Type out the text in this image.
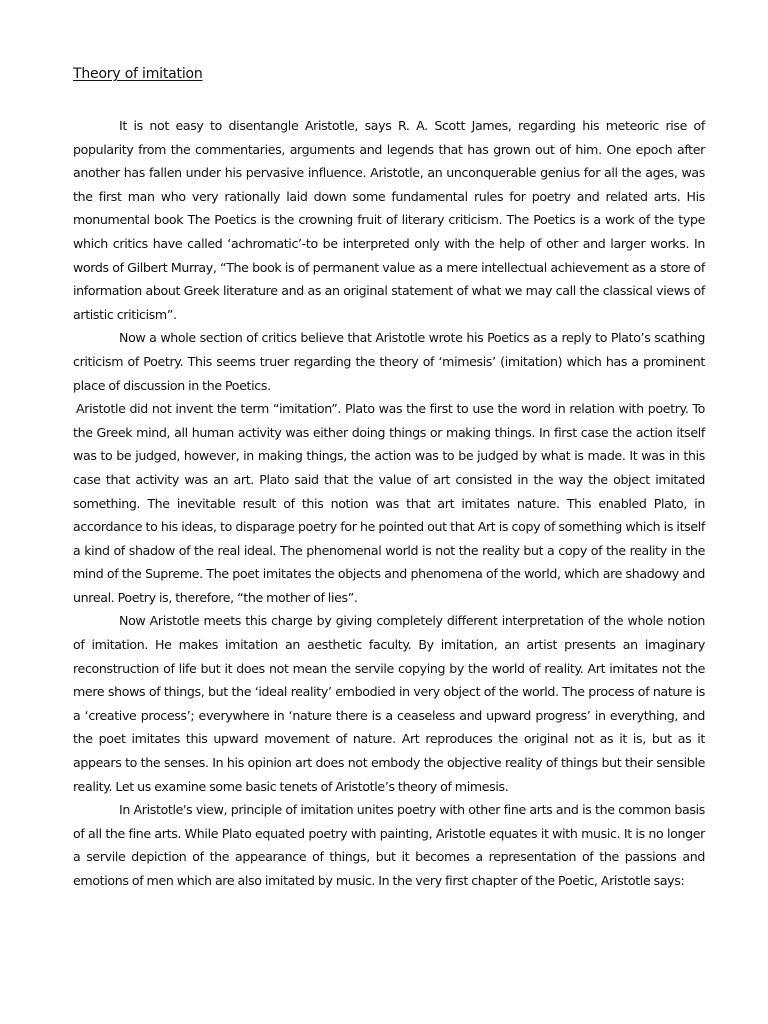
Theory of imitation

It is not easy to disentangle Aristotle, says R. A. Scott James, regarding his meteoric rise of popularity from the commentaries, arguments and legends that has grown out of him. One epoch after another has fallen under his pervasive influence. Aristotle, an unconquerable genius for all the ages, was the first man who very rationally laid down some fundamental rules for poetry and related arts. His monumental book The Poetics is the crowning fruit of literary criticism. The Poetics is a work of the type which critics have called ‘achromatic’-to be interpreted only with the help of other and larger works. In words of Gilbert Murray, “The book is of permanent value as a mere intellectual achievement as a store of information about Greek literature and as an original statement of what we may call the classical views of artistic criticism”.

Now a whole section of critics believe that Aristotle wrote his Poetics as a reply to Plato’s scathing criticism of Poetry. This seems truer regarding the theory of ‘mimesis’ (imitation) which has a prominent place of discussion in the Poetics.

Aristotle did not invent the term “imitation”. Plato was the first to use the word in relation with poetry. To the Greek mind, all human activity was either doing things or making things. In first case the action itself was to be judged, however, in making things, the action was to be judged by what is made. It was in this case that activity was an art. Plato said that the value of art consisted in the way the object imitated something. The inevitable result of this notion was that art imitates nature. This enabled Plato, in accordance to his ideas, to disparage poetry for he pointed out that Art is copy of something which is itself a kind of shadow of the real ideal. The phenomenal world is not the reality but a copy of the reality in the mind of the Supreme. The poet imitates the objects and phenomena of the world, which are shadowy and unreal. Poetry is, therefore, “the mother of lies”.

Now Aristotle meets this charge by giving completely different interpretation of the whole notion of imitation. He makes imitation an aesthetic faculty. By imitation, an artist presents an imaginary reconstruction of life but it does not mean the servile copying by the world of reality. Art imitates not the mere shows of things, but the ‘ideal reality’ embodied in very object of the world. The process of nature is a ‘creative process’; everywhere in ‘nature there is a ceaseless and upward progress’ in everything, and the poet imitates this upward movement of nature. Art reproduces the original not as it is, but as it appears to the senses. In his opinion art does not embody the objective reality of things but their sensible reality. Let us examine some basic tenets of Aristotle’s theory of mimesis.

In Aristotle's view, principle of imitation unites poetry with other fine arts and is the common basis of all the fine arts. While Plato equated poetry with painting, Aristotle equates it with music. It is no longer a servile depiction of the appearance of things, but it becomes a representation of the passions and emotions of men which are also imitated by music. In the very first chapter of the Poetic, Aristotle says:
